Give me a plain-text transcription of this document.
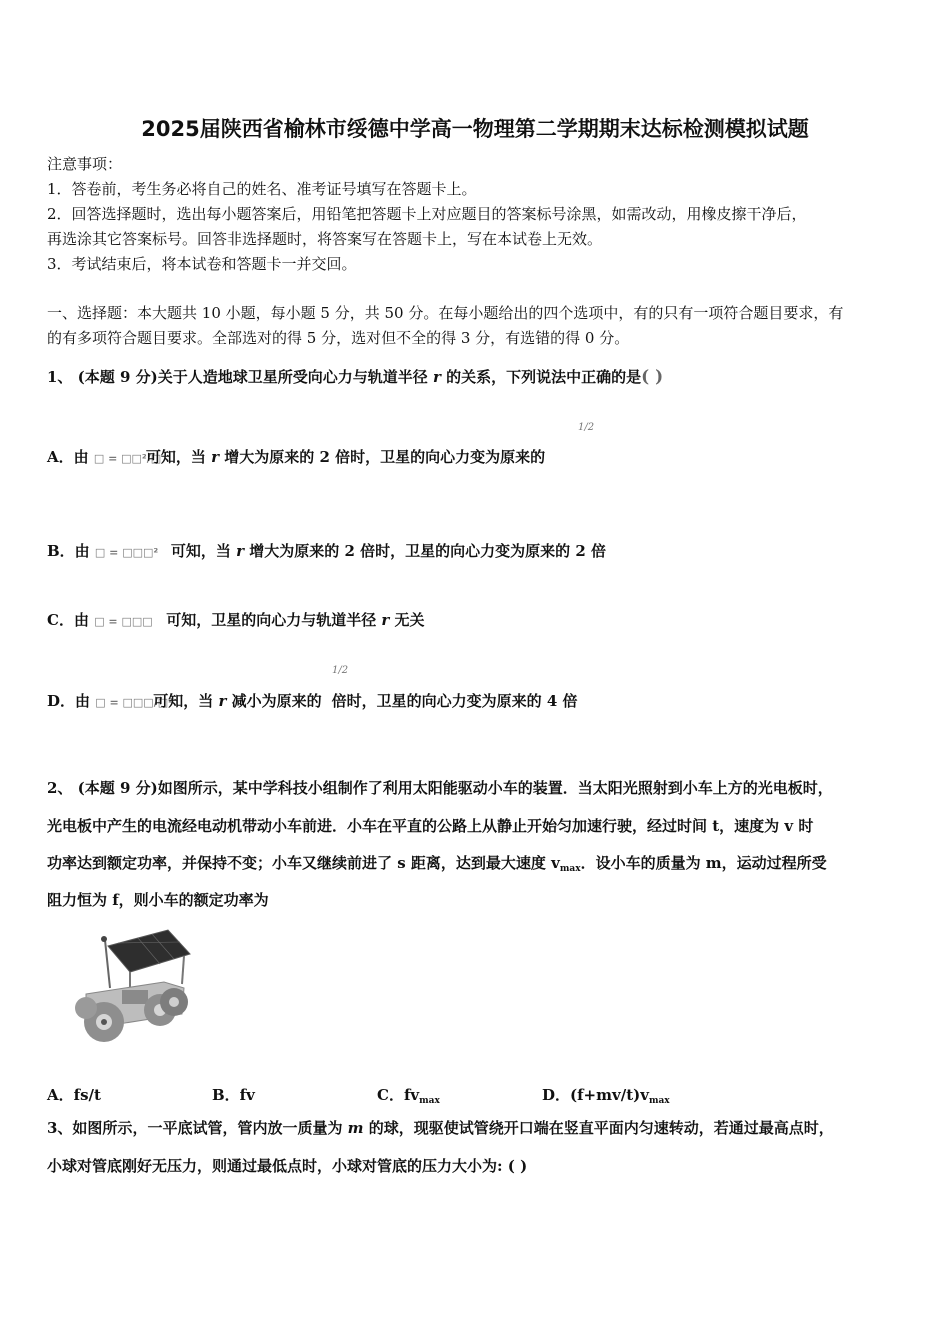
2025届陕西省榆林市绥德中学高一物理第二学期期末达标检测模拟试题
注意事项：
1．答卷前，考生务必将自己的姓名、准考证号填写在答题卡上。
2．回答选择题时，选出每小题答案后，用铅笔把答题卡上对应题目的答案标号涂黑，如需改动，用橡皮擦干净后，
再选涂其它答案标号。回答非选择题时，将答案写在答题卡上，写在本试卷上无效。
3．考试结束后，将本试卷和答题卡一并交回。
一、选择题：本大题共 10 小题，每小题 5 分，共 50 分。在每小题给出的四个选项中，有的只有一项符合题目要求，有
的有多项符合题目要求。全部选对的得 5 分，选对但不全的得 3 分，有选错的得 0 分。
1、 (本题 9 分)关于人造地球卫星所受向心力与轨道半径 r 的关系，下列说法中正确的是( )
A．由 □ = □□²/□可知，当 r 增大为原来的 2 倍时，卫星的向心力变为原来的
1/2
B．由 □ = □□□² 可知，当 r 增大为原来的 2 倍时，卫星的向心力变为原来的 2 倍
C．由 □ = □□□ 可知，卫星的向心力与轨道半径 r 无关
D．由 □ = □□□/□²可知，当 r 减小为原来的 倍时，卫星的向心力变为原来的 4 倍
1/2
2、 (本题 9 分)如图所示，某中学科技小组制作了利用太阳能驱动小车的装置．当太阳光照射到小车上方的光电板时，
光电板中产生的电流经电动机带动小车前进．小车在平直的公路上从静止开始匀加速行驶，经过时间 t，速度为 v 时
功率达到额定功率，并保持不变；小车又继续前进了 s 距离，达到最大速度 $v_{max}$．设小车的质量为 m，运动过程所受
阻力恒为 f，则小车的额定功率为
A．fs/t	B．fv	C．$fv_{max}$	D．$(f+mv/t)v_{max}$
3、如图所示，一平底试管，管内放一质量为 m 的球，现驱使试管绕开口端在竖直平面内匀速转动，若通过最高点时，
小球对管底刚好无压力，则通过最低点时，小球对管底的压力大小为: ( )
